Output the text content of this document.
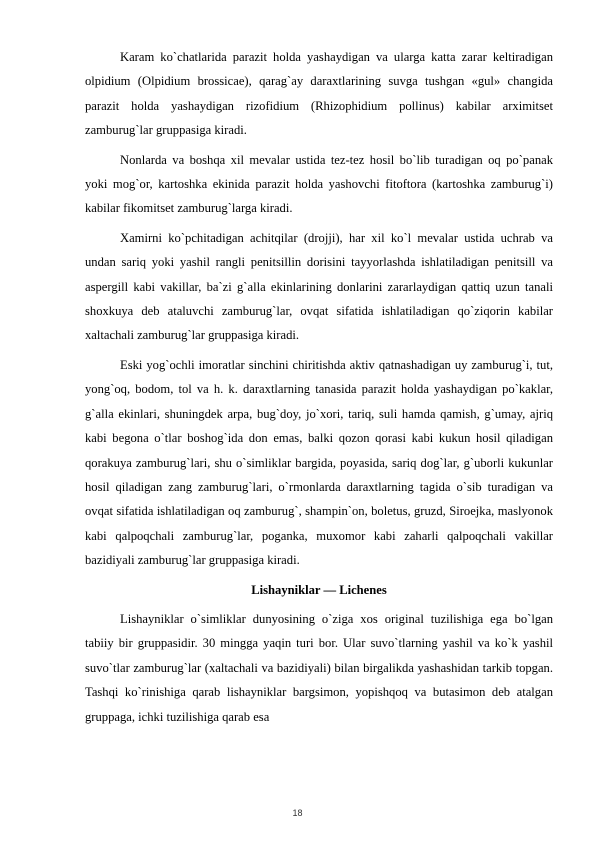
Karam ko`chatlarida parazit holda yashaydigan va ularga katta zarar keltiradigan olpidium (Olpidium brossicae), qarag`ay daraxtlarining suvga tushgan «gul» changida parazit holda yashaydigan rizofidium (Rhizophidium pollinus) kabilar arximitset zamburug`lar gruppasiga kiradi.

Nonlarda va boshqa xil mevalar ustida tez-tez hosil bo`lib turadigan oq po`panak yoki mog`or, kartoshka ekinida parazit holda yashovchi fitoftora (kartoshka zamburug`i) kabilar fikomitset zamburug`larga kiradi.

Xamirni ko`pchitadigan achitqilar (drojji), har xil ko`l mevalar ustida uchrab va undan sariq yoki yashil rangli penitsillin dorisini tayyorlashda ishlatiladigan penitsill va aspergill kabi vakillar, ba`zi g`alla ekinlarining donlarini zararlaydigan qattiq uzun tanali shoxkuya deb ataluvchi zamburug`lar, ovqat sifatida ishlatiladigan qo`ziqorin kabilar xaltachali zamburug`lar gruppasiga kiradi.

Eski yog`ochli imoratlar sinchini chiritishda aktiv qatnashadigan uy zamburug`i, tut, yong`oq, bodom, tol va h. k. daraxtlarning tanasida parazit holda yashaydigan po`kaklar, g`alla ekinlari, shuningdek arpa, bug`doy, jo`xori, tariq, suli hamda qamish, g`umay, ajriq kabi begona o`tlar boshog`ida don emas, balki qozon qorasi kabi kukun hosil qiladigan qorakuya zamburug`lari, shu o`simliklar bargida, poyasida, sariq dog`lar, g`uborli kukunlar hosil qiladigan zang zamburug`lari, o`rmonlarda daraxtlarning tagida o`sib turadigan va ovqat sifatida ishlatiladigan oq zamburug`, shampin`on, boletus, gruzd, Siroejka, maslyonok kabi qalpoqchali zamburug`lar, poganka, muxomor kabi zaharli qalpoqchali vakillar bazidiyali zamburug`lar gruppasiga kiradi.

Lishayniklar — Lichenes

Lishayniklar o`simliklar dunyosining o`ziga xos original tuzilishiga ega bo`lgan tabiiy bir gruppasidir. 30 mingga yaqin turi bor. Ular suvo`tlarning yashil va ko`k yashil suvo`tlar zamburug`lar (xaltachali va bazidiyali) bilan birgalikda yashashidan tarkib topgan. Tashqi ko`rinishiga qarab lishayniklar bargsimon, yopishqoq va butasimon deb atalgan gruppaga, ichki tuzilishiga qarab esa

18
